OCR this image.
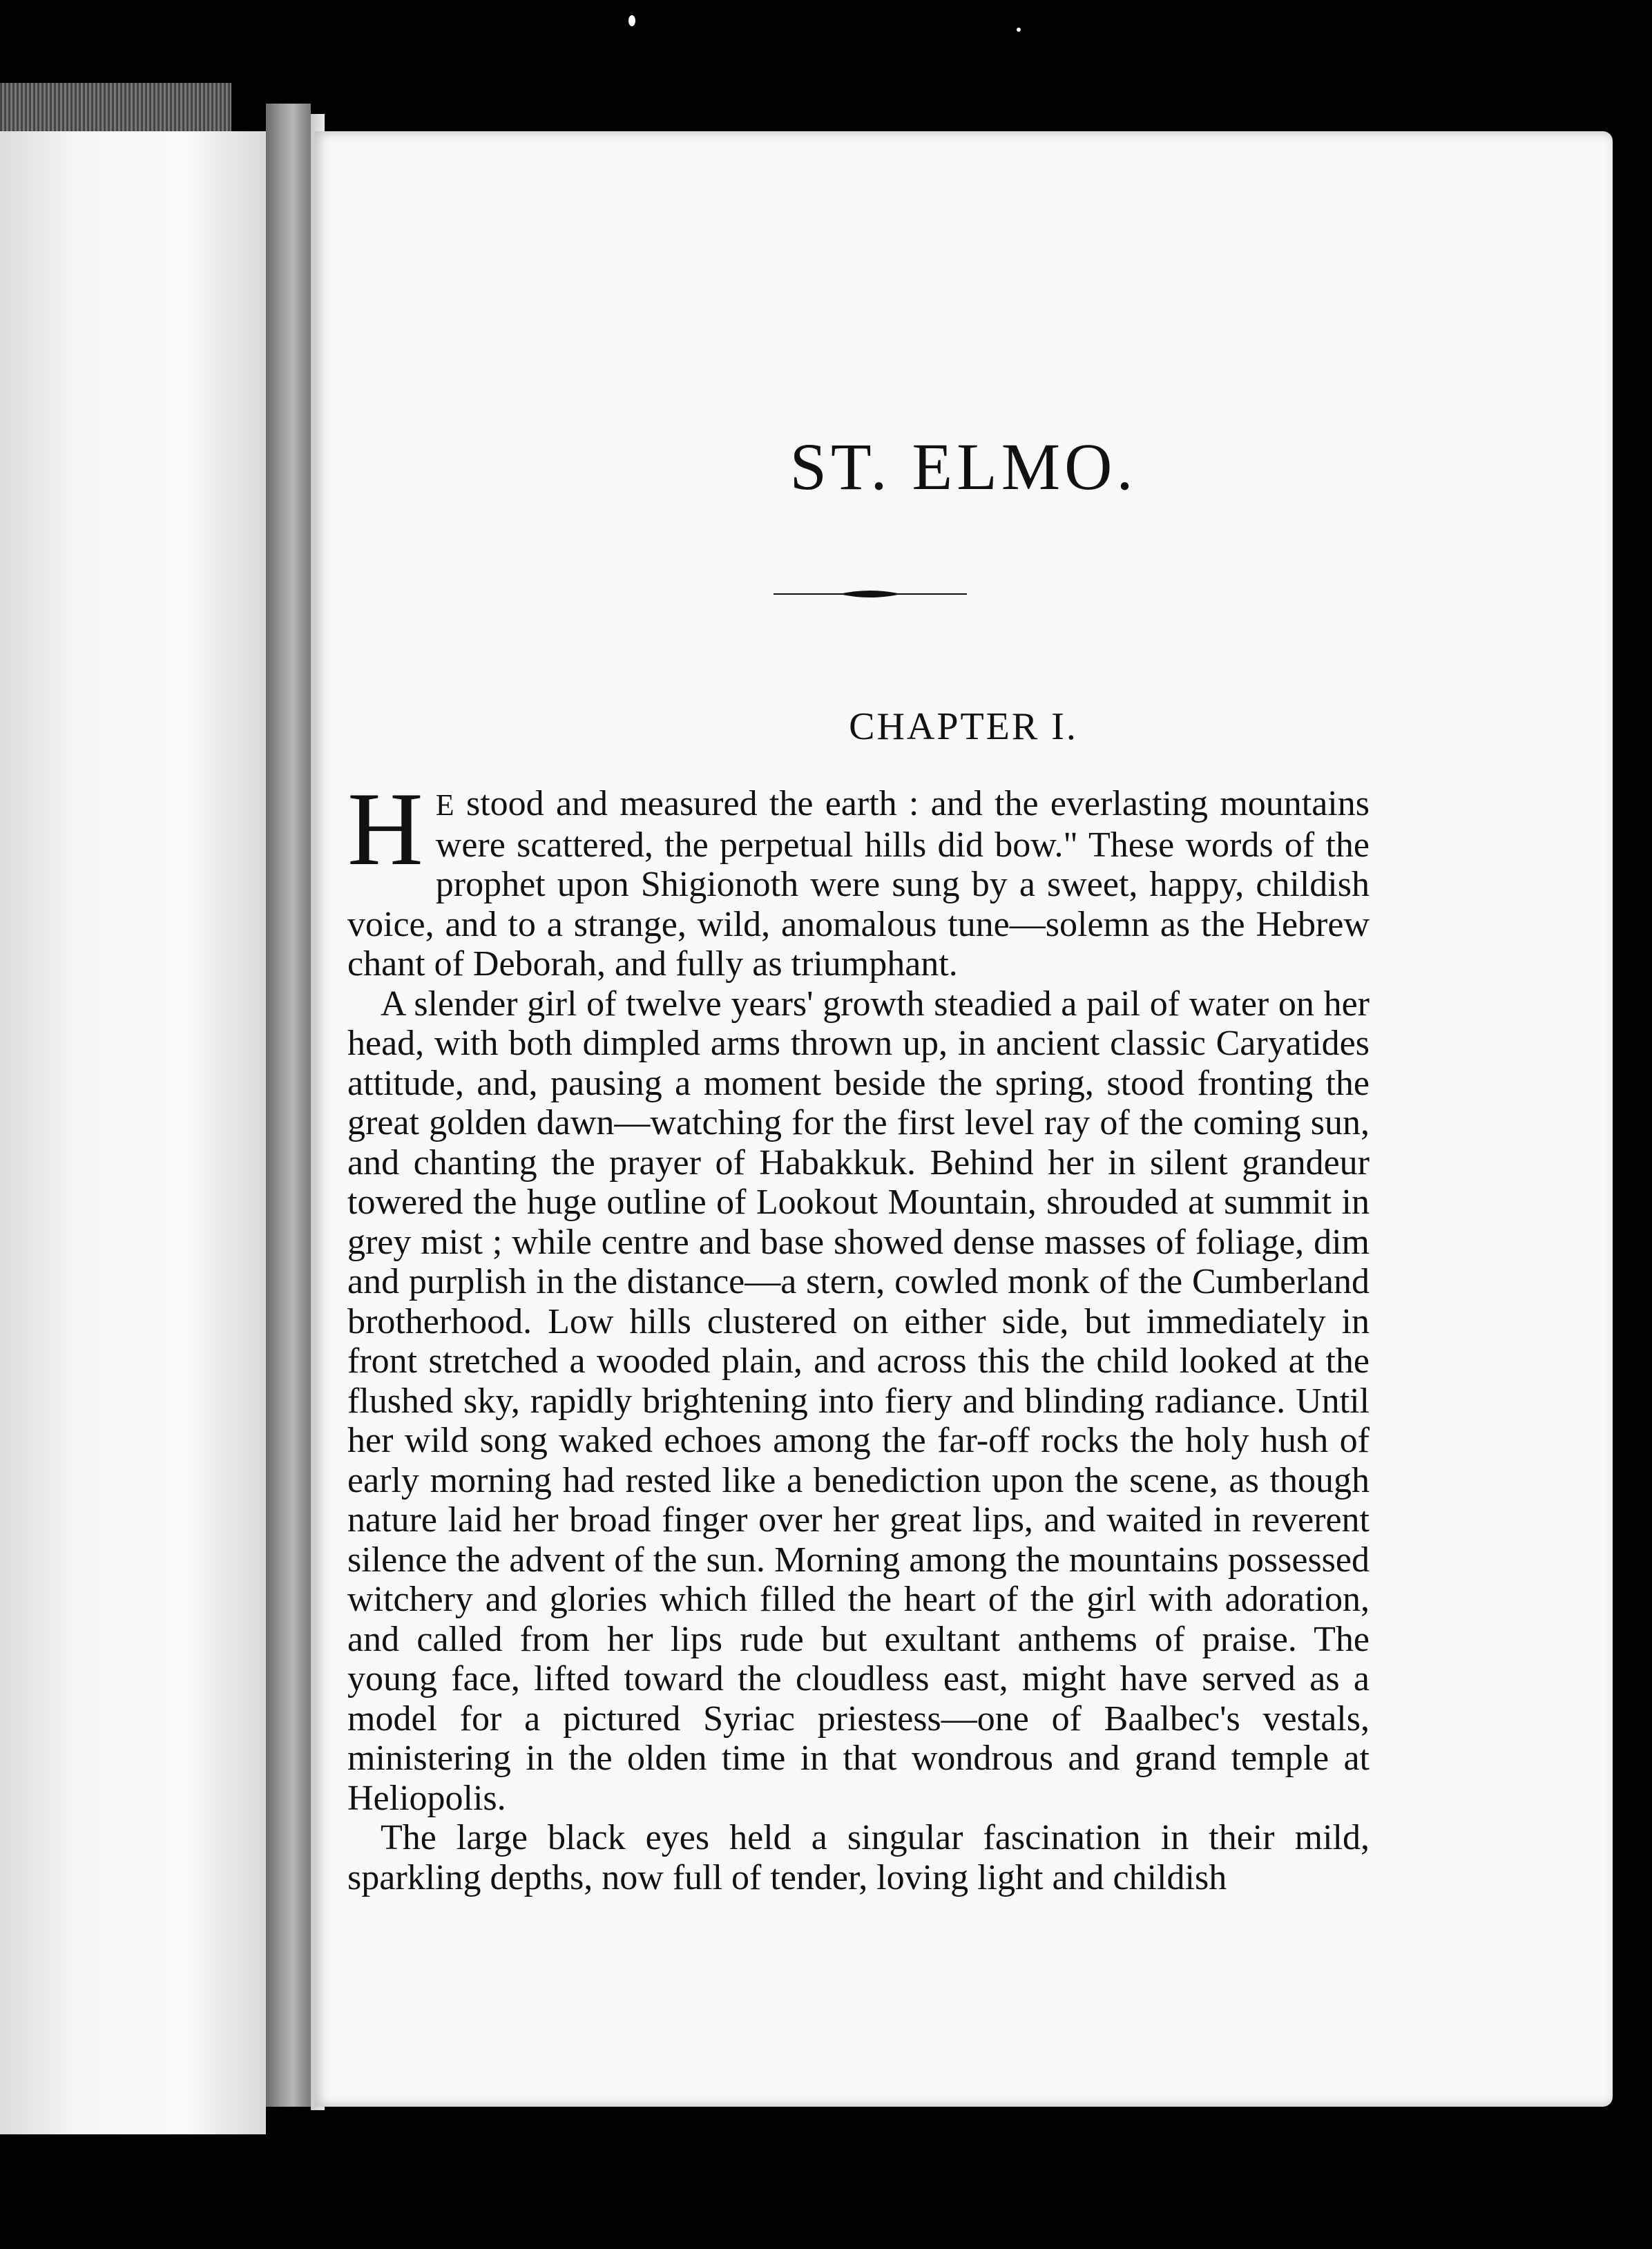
ST. ELMO.
CHAPTER I.

H E stood and measured the earth : and the everlasting mountains were scattered, the perpetual hills did bow." These words of the prophet upon Shigionoth were sung by a sweet, happy, childish voice, and to a strange, wild, anomalous tune—solemn as the Hebrew chant of Deborah, and fully as triumphant.

A slender girl of twelve years' growth steadied a pail of water on her head, with both dimpled arms thrown up, in ancient classic Caryatides attitude, and, pausing a moment beside the spring, stood fronting the great golden dawn—watching for the first level ray of the coming sun, and chanting the prayer of Habakkuk. Behind her in silent grandeur towered the huge outline of Lookout Mountain, shrouded at summit in grey mist ; while centre and base showed dense masses of foliage, dim and purplish in the distance—a stern, cowled monk of the Cumberland brotherhood. Low hills clustered on either side, but immediately in front stretched a wooded plain, and across this the child looked at the flushed sky, rapidly brightening into fiery and blinding radiance. Until her wild song waked echoes among the far-off rocks the holy hush of early morning had rested like a benediction upon the scene, as though nature laid her broad finger over her great lips, and waited in reverent silence the advent of the sun. Morning among the mountains possessed witchery and glories which filled the heart of the girl with adoration, and called from her lips rude but exultant anthems of praise. The young face, lifted toward the cloudless east, might have served as a model for a pictured Syriac priestess—one of Baalbec's vestals, ministering in the olden time in that wondrous and grand temple at Heliopolis.

The large black eyes held a singular fascination in their mild, sparkling depths, now full of tender, loving light and childish
